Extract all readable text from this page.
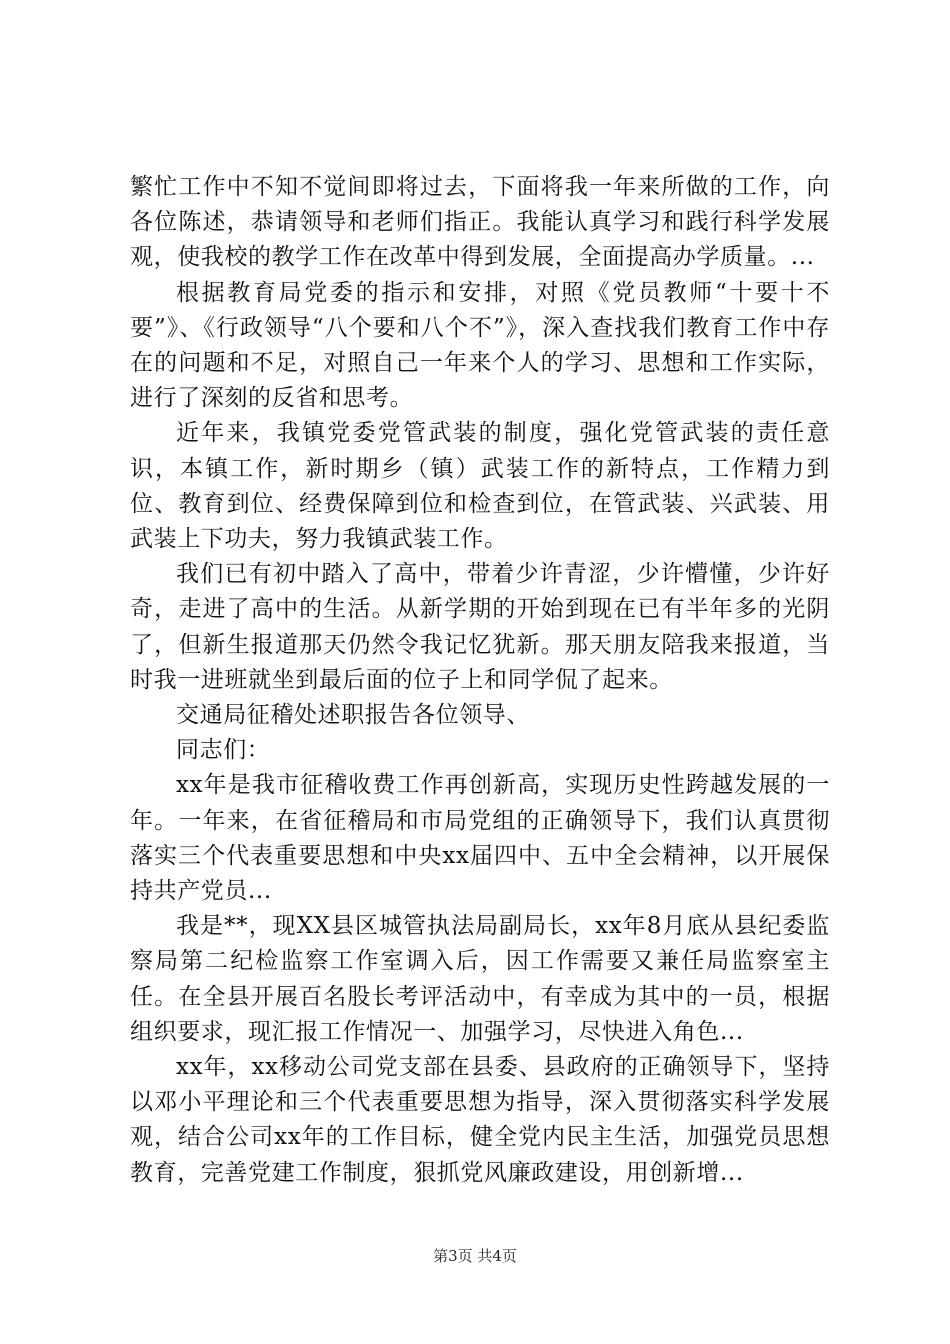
繁忙工作中不知不觉间即将过去，下面将我一年来所做的工作，向各位陈述，恭请领导和老师们指正。我能认真学习和践行科学发展观，使我校的教学工作在改革中得到发展，全面提高办学质量。...

根据教育局党委的指示和安排，对照《党员教师“十要十不要”》、《行政领导“八个要和八个不”》，深入查找我们教育工作中存在的问题和不足，对照自己一年来个人的学习、思想和工作实际，进行了深刻的反省和思考。

近年来，我镇党委党管武装的制度，强化党管武装的责任意识，本镇工作，新时期乡（镇）武装工作的新特点，工作精力到位、教育到位、经费保障到位和检查到位，在管武装、兴武装、用武装上下功夫，努力我镇武装工作。

我们已有初中踏入了高中，带着少许青涩，少许懵懂，少许好奇，走进了高中的生活。从新学期的开始到现在已有半年多的光阴了，但新生报道那天仍然令我记忆犹新。那天朋友陪我来报道，当时我一进班就坐到最后面的位子上和同学侃了起来。

交通局征稽处述职报告各位领导、

同志们：

xx年是我市征稽收费工作再创新高，实现历史性跨越发展的一年。一年来，在省征稽局和市局党组的正确领导下，我们认真贯彻落实三个代表重要思想和中央xx届四中、五中全会精神，以开展保持共产党员...

我是**，现XX县区城管执法局副局长，xx年8月底从县纪委监察局第二纪检监察工作室调入后，因工作需要又兼任局监察室主任。在全县开展百名股长考评活动中，有幸成为其中的一员，根据组织要求，现汇报工作情况一、加强学习，尽快进入角色...

xx年，xx移动公司党支部在县委、县政府的正确领导下，坚持以邓小平理论和三个代表重要思想为指导，深入贯彻落实科学发展观，结合公司xx年的工作目标，健全党内民主生活，加强党员思想教育，完善党建工作制度，狠抓党风廉政建设，用创新增...

第3页 共4页
